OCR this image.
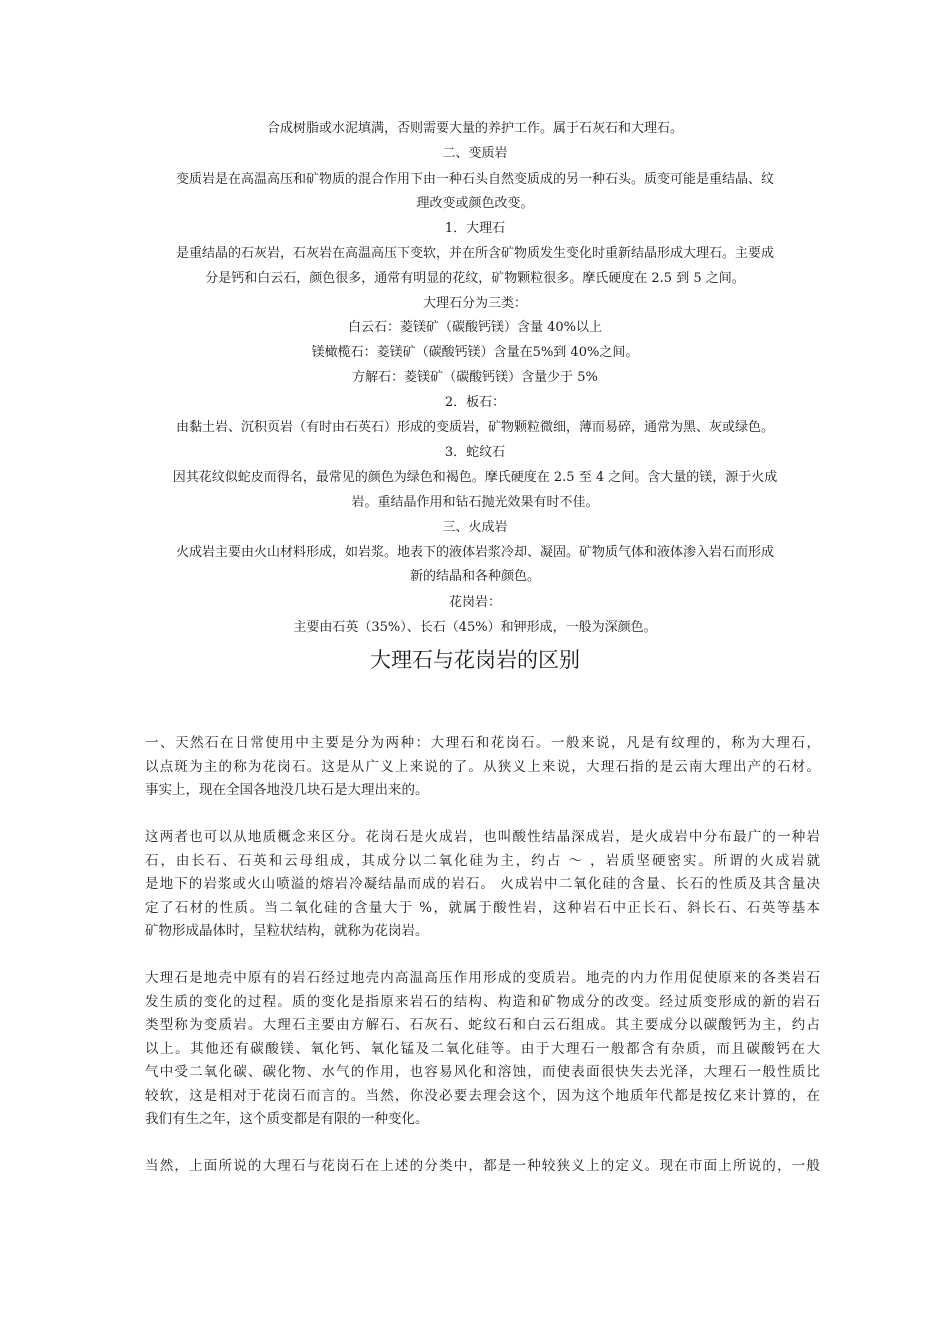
合成树脂或水泥填满，否则需要大量的养护工作。属于石灰石和大理石。
二、变质岩
变质岩是在高温高压和矿物质的混合作用下由一种石头自然变质成的另一种石头。质变可能是重结晶、纹
理改变或颜色改变。
1．大理石
是重结晶的石灰岩，石灰岩在高温高压下变软，并在所含矿物质发生变化时重新结晶形成大理石。主要成
分是钙和白云石，颜色很多，通常有明显的花纹，矿物颗粒很多。摩氏硬度在 2.5 到 5 之间。
大理石分为三类：
白云石：菱镁矿（碳酸钙镁）含量 40%以上
镁橄榄石：菱镁矿（碳酸钙镁）含量在5%到 40%之间。
方解石：菱镁矿（碳酸钙镁）含量少于 5%
2．板石：
由黏土岩、沉积页岩（有时由石英石）形成的变质岩，矿物颗粒微细，薄而易碎，通常为黑、灰或绿色。
3．蛇纹石
因其花纹似蛇皮而得名，最常见的颜色为绿色和褐色。摩氏硬度在 2.5 至 4 之间。含大量的镁，源于火成
岩。重结晶作用和钻石抛光效果有时不佳。
三、火成岩
火成岩主要由火山材料形成，如岩浆。地表下的液体岩浆冷却、凝固。矿物质气体和液体渗入岩石而形成
新的结晶和各种颜色。
花岗岩：
主要由石英（35%）、长石（45%）和钾形成，一般为深颜色。
大理石与花岗岩的区别
一、天然石在日常使用中主要是分为两种：大理石和花岗石。一般来说，凡是有纹理的，称为大理石，
以点斑为主的称为花岗石。这是从广义上来说的了。从狭义上来说，大理石指的是云南大理出产的石材。
事实上，现在全国各地没几块石是大理出来的。
这两者也可以从地质概念来区分。花岗石是火成岩，也叫酸性结晶深成岩，是火成岩中分布最广的一种岩
石，由长石、石英和云母组成，其成分以二氧化硅为主，约占 ～ ，岩质坚硬密实。所谓的火成岩就
是地下的岩浆或火山喷溢的熔岩冷凝结晶而成的岩石。 火成岩中二氧化硅的含量、长石的性质及其含量决
定了石材的性质。当二氧化硅的含量大于 %，就属于酸性岩，这种岩石中正长石、斜长石、石英等基本
矿物形成晶体时，呈粒状结构，就称为花岗岩。
大理石是地壳中原有的岩石经过地壳内高温高压作用形成的变质岩。地壳的内力作用促使原来的各类岩石
发生质的变化的过程。质的变化是指原来岩石的结构、构造和矿物成分的改变。经过质变形成的新的岩石
类型称为变质岩。大理石主要由方解石、石灰石、蛇纹石和白云石组成。其主要成分以碳酸钙为主，约占
以上。其他还有碳酸镁、氧化钙、氧化锰及二氧化硅等。由于大理石一般都含有杂质，而且碳酸钙在大
气中受二氧化碳、碳化物、水气的作用，也容易风化和溶蚀，而使表面很快失去光泽，大理石一般性质比
较软，这是相对于花岗石而言的。当然，你没必要去理会这个，因为这个地质年代都是按亿来计算的，在
我们有生之年，这个质变都是有限的一种变化。
当然，上面所说的大理石与花岗石在上述的分类中，都是一种较狭义上的定义。现在市面上所说的，一般
